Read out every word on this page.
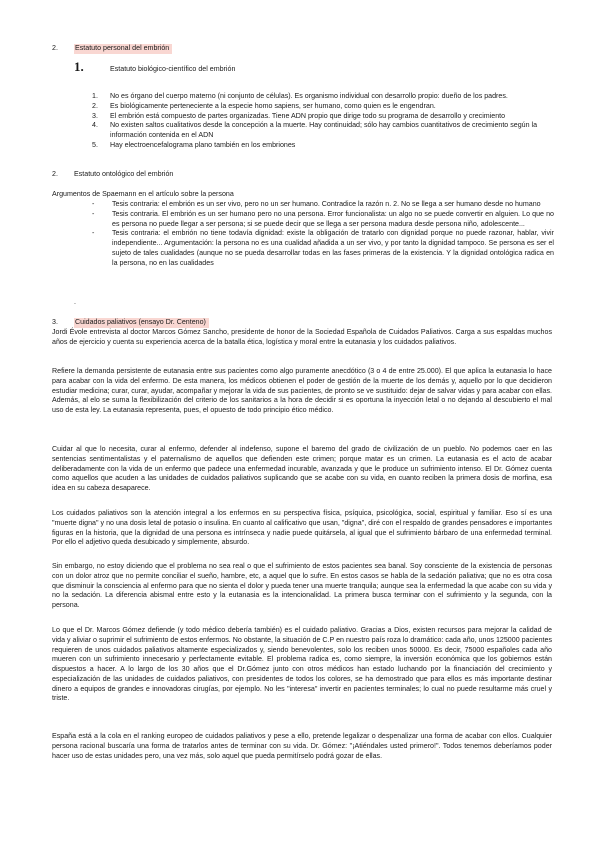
2.	Estatuto personal del embrión
1.	Estatuto biológico-científico del embrión
1.	No es órgano del cuerpo materno (ni conjunto de células). Es organismo individual con desarrollo propio: dueño de los padres.
2.	Es biológicamente perteneciente a la especie homo sapiens, ser humano, como quien es le engendran.
3.	El embrión está compuesto de partes organizadas. Tiene ADN propio que dirige todo su programa de desarrollo y crecimiento
4.	No existen saltos cualitativos desde la concepción a la muerte. Hay continuidad; sólo hay cambios cuantitativos de crecimiento según la información contenida en el ADN
5.	Hay electroencefalograma plano también en los embriones
2.	Estatuto ontológico del embrión
Argumentos de Spaemann en el artículo sobre la persona
-	Tesis contraria: el embrión es un ser vivo, pero no un ser humano. Contradice la razón n. 2. No se llega a ser humano desde no humano
-	Tesis contraria. El embrión es un ser humano pero no una persona. Error funcionalista: un algo no se puede convertir en alguien. Lo que no es persona no puede llegar a ser persona; si se puede decir que se llega a ser persona madura desde persona niño, adolescente...
-	Tesis contraria: el embrión no tiene todavía dignidad: existe la obligación de tratarlo con dignidad porque no puede razonar, hablar, vivir independiente... Argumentación: la persona no es una cualidad añadida a un ser vivo, y por tanto la dignidad tampoco. Se persona es ser el sujeto de tales cualidades (aunque no se pueda desarrollar todas en las fases primeras de la existencia. Y la dignidad ontológica radica en la persona, no en las cualidades
.
3.	Cuidados paliativos (ensayo Dr. Centeno)
Jordi Évole entrevista al doctor Marcos Gómez Sancho, presidente de honor de la Sociedad Española de Cuidados Paliativos. Carga a sus espaldas muchos años de ejercicio y cuenta su experiencia acerca de la batalla ética, logística y moral entre la eutanasia y los cuidados paliativos.
Refiere la demanda persistente de eutanasia entre sus pacientes como algo puramente anecdótico (3 o 4 de entre 25.000). El que aplica la eutanasia lo hace para acabar con la vida del enfermo. De esta manera, los médicos obtienen el poder de gestión de la muerte de los demás y, aquello por lo que decidieron estudiar medicina; curar, curar, ayudar, acompañar y mejorar la vida de sus pacientes, de pronto se ve sustituido: dejar de salvar vidas y para acabar con ellas. Además, al elo se suma la flexibilización del criterio de los sanitarios a la hora de decidir si es oportuna la inyección letal o no dejando al descubierto el mal uso de esta ley. La eutanasia representa, pues, el opuesto de todo principio ético médico.
Cuidar al que lo necesita, curar al enfermo, defender al indefenso, supone el baremo del grado de civilización de un pueblo. No podemos caer en las sentencias sentimentalistas y el paternalismo de aquellos que defienden este crimen; porque matar es un crimen. La eutanasia es el acto de acabar deliberadamente con la vida de un enfermo que padece una enfermedad incurable, avanzada y que le produce un sufrimiento intenso. El Dr. Gómez cuenta como aquellos que acuden a las unidades de cuidados paliativos suplicando que se acabe con su vida, en cuanto reciben la primera dosis de morfina, esa idea en su cabeza desaparece.
Los cuidados paliativos son la atención integral a los enfermos en su perspectiva física, psíquica, psicológica, social, espiritual y familiar. Eso sí es una "muerte digna" y no una dosis letal de potasio o insulina. En cuanto al calificativo que usan, "digna", diré con el respaldo de grandes pensadores e importantes figuras en la historia, que la dignidad de una persona es intrínseca y nadie puede quitársela, al igual que el sufrimiento bárbaro de una enfermedad terminal. Por ello el adjetivo queda desubicado y simplemente, absurdo.
Sin embargo, no estoy diciendo que el problema no sea real o que el sufrimiento de estos pacientes sea banal. Soy consciente de la existencia de personas con un dolor atroz que no permite conciliar el sueño, hambre, etc, a aquel que lo sufre. En estos casos se habla de la sedación paliativa; que no es otra cosa que disminuir la consciencia al enfermo para que no sienta el dolor y pueda tener una muerte tranquila; aunque sea la enfermedad la que acabe con su vida y no la sedación. La diferencia abismal entre esto y la eutanasia es la intencionalidad. La primera busca terminar con el sufrimiento y la segunda, con la persona.
Lo que el Dr. Marcos Gómez defiende (y todo médico debería también) es el cuidado paliativo. Gracias a Dios, existen recursos para mejorar la calidad de vida y aliviar o suprimir el sufrimiento de estos enfermos. No obstante, la situación de C.P en nuestro país roza lo dramático: cada año, unos 125000 pacientes requieren de unos cuidados paliativos altamente especializados y, siendo benevolentes, solo los reciben unos 50000. Es decir, 75000 españoles cada año mueren con un sufrimiento innecesario y perfectamente evitable. El problema radica es, como siempre, la inversión económica que los gobiernos están dispuestos a hacer. A lo largo de los 30 años que el Dr.Gómez junto con otros médicos han estado luchando por la financiación del crecimiento y especialización de las unidades de cuidados paliativos, con presidentes de todos los colores, se ha demostrado que para ellos es más importante destinar dinero a equipos de grandes e innovadoras cirugías, por ejemplo. No les "interesa" invertir en pacientes terminales; lo cual no puede resultarme más cruel y triste.
España está a la cola en el ranking europeo de cuidados paliativos y pese a ello, pretende legalizar o despenalizar una forma de acabar con ellos. Cualquier persona racional buscaría una forma de tratarlos antes de terminar con su vida. Dr. Gómez: "¡Atiéndales usted primero!". Todos tenemos deberíamos poder hacer uso de estas unidades pero, una vez más, solo aquel que pueda permitírselo podrá gozar de ellas.
